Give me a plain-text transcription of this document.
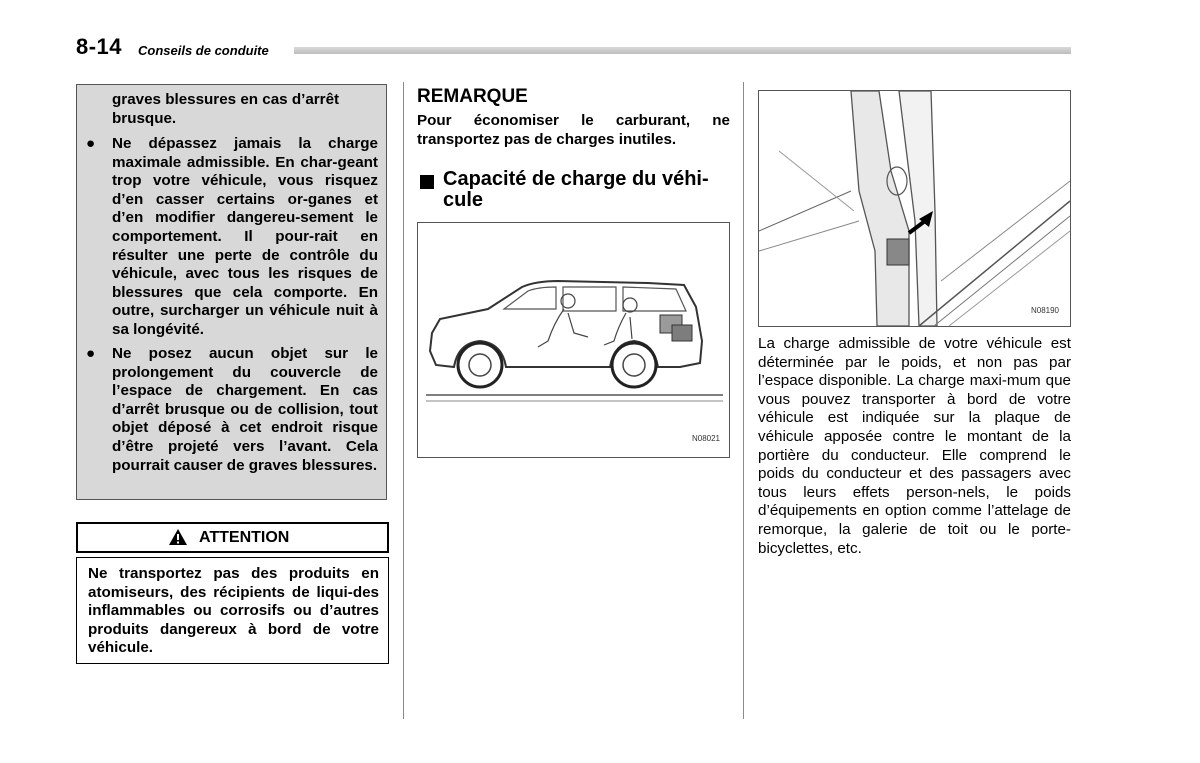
8-14 Conseils de conduite
graves blessures en cas d’arrêt brusque.
● Ne dépassez jamais la charge maximale admissible. En char-geant trop votre véhicule, vous risquez d’en casser certains or-ganes et d’en modifier dangereu-sement le comportement. Il pour-rait en résulter une perte de contrôle du véhicule, avec tous les risques de blessures que cela comporte. En outre, surcharger un véhicule nuit à sa longévité.
● Ne posez aucun objet sur le prolongement du couvercle de l’espace de chargement. En cas d’arrêt brusque ou de collision, tout objet déposé à cet endroit risque d’être projeté vers l’avant. Cela pourrait causer de graves blessures.
ATTENTION
Ne transportez pas des produits en atomiseurs, des récipients de liqui-des inflammables ou corrosifs ou d’autres produits dangereux à bord de votre véhicule.
REMARQUE
Pour économiser le carburant, ne transportez pas de charges inutiles.
Capacité de charge du véhi-cule
N08021
N08190
La charge admissible de votre véhicule est déterminée par le poids, et non pas par l’espace disponible. La charge maxi-mum que vous pouvez transporter à bord de votre véhicule est indiquée sur la plaque de véhicule apposée contre le montant de la portière du conducteur. Elle comprend le poids du conducteur et des passagers avec tous leurs effets person-nels, le poids d’équipements en option comme l’attelage de remorque, la galerie de toit ou le porte-bicyclettes, etc.
